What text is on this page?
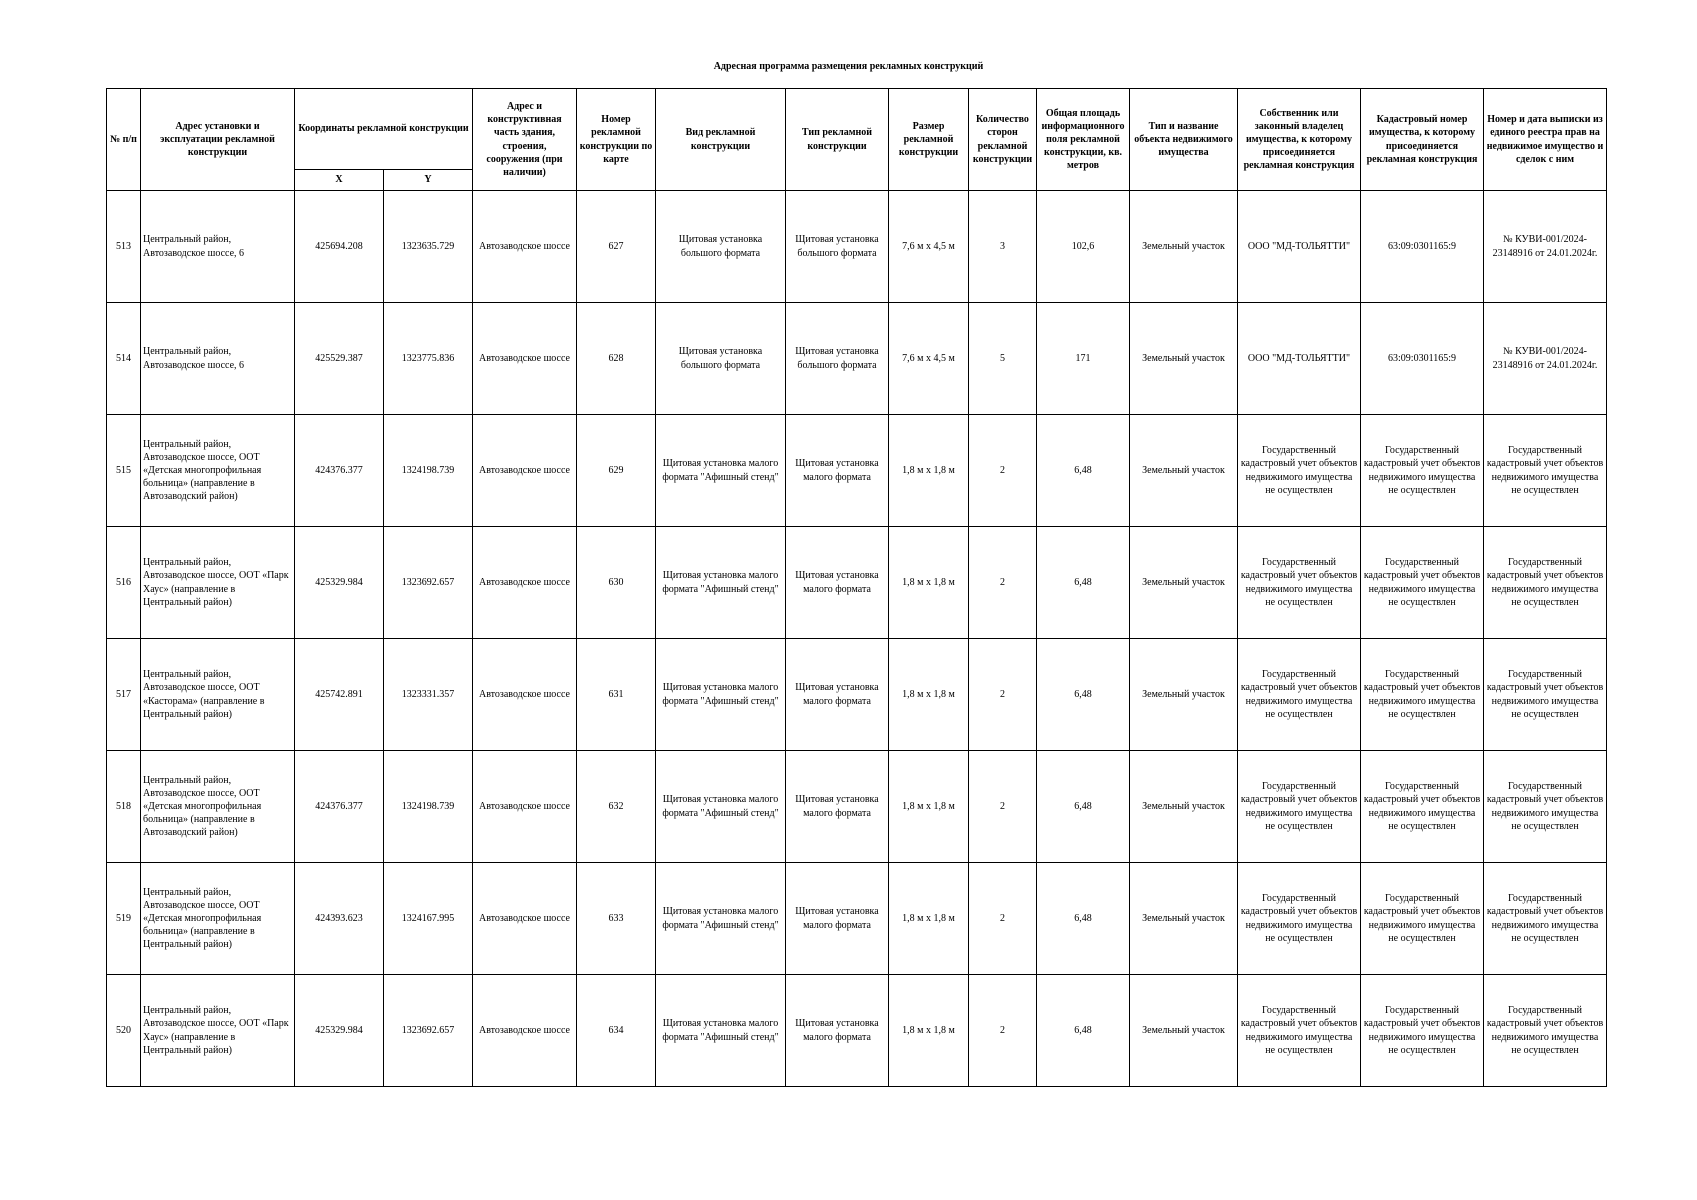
Адресная программа размещения рекламных конструкций
№ п/п	Адрес установки и эксплуатации рекламной конструкции	Координаты рекламной конструкции		Адрес и конструктивная часть здания, строения, сооружения (при наличии)	Номер рекламной конструкции по карте	Вид рекламной конструкции	Тип рекламной конструкции	Размер рекламной конструкции	Количество сторон рекламной конструкции	Общая площадь информационного поля рекламной конструкции, кв. метров	Тип и название объекта недвижимого имущества	Собственник или законный владелец имущества, к которому присоединяется рекламная конструкция	Кадастровый номер имущества, к которому присоединяется рекламная конструкция	Номер и дата выписки из единого реестра прав на недвижимое имущество и сделок с ним
		X	Y											
513	Центральный район, Автозаводское шоссе, 6	425694.208	1323635.729	Автозаводское шоссе	627	Щитовая установка большого формата	Щитовая установка большого формата	7,6 м х 4,5 м	3	102,6	Земельный участок	ООО "МД-ТОЛЬЯТТИ"	63:09:0301165:9	№ КУВИ-001/2024-23148916 от 24.01.2024г.
514	Центральный район, Автозаводское шоссе, 6	425529.387	1323775.836	Автозаводское шоссе	628	Щитовая установка большого формата	Щитовая установка большого формата	7,6 м х 4,5 м	5	171	Земельный участок	ООО "МД-ТОЛЬЯТТИ"	63:09:0301165:9	№ КУВИ-001/2024-23148916 от 24.01.2024г.
515	Центральный район, Автозаводское шоссе, ООТ «Детская многопрофильная больница» (направление в Автозаводский район)	424376.377	1324198.739	Автозаводское шоссе	629	Щитовая установка малого формата "Афишный стенд"	Щитовая установка малого формата	1,8 м х 1,8 м	2	6,48	Земельный участок	Государственный кадастровый учет объектов недвижимого имущества не осуществлен	Государственный кадастровый учет объектов недвижимого имущества не осуществлен	Государственный кадастровый учет объектов недвижимого имущества не осуществлен
516	Центральный район, Автозаводское шоссе, ООТ «Парк Хаус» (направление в Центральный район)	425329.984	1323692.657	Автозаводское шоссе	630	Щитовая установка малого формата "Афишный стенд"	Щитовая установка малого формата	1,8 м х 1,8 м	2	6,48	Земельный участок	Государственный кадастровый учет объектов недвижимого имущества не осуществлен	Государственный кадастровый учет объектов недвижимого имущества не осуществлен	Государственный кадастровый учет объектов недвижимого имущества не осуществлен
517	Центральный район, Автозаводское шоссе, ООТ «Касторама» (направление в Центральный район)	425742.891	1323331.357	Автозаводское шоссе	631	Щитовая установка малого формата "Афишный стенд"	Щитовая установка малого формата	1,8 м х 1,8 м	2	6,48	Земельный участок	Государственный кадастровый учет объектов недвижимого имущества не осуществлен	Государственный кадастровый учет объектов недвижимого имущества не осуществлен	Государственный кадастровый учет объектов недвижимого имущества не осуществлен
518	Центральный район, Автозаводское шоссе, ООТ «Детская многопрофильная больница» (направление в Автозаводский район)	424376.377	1324198.739	Автозаводское шоссе	632	Щитовая установка малого формата "Афишный стенд"	Щитовая установка малого формата	1,8 м х 1,8 м	2	6,48	Земельный участок	Государственный кадастровый учет объектов недвижимого имущества не осуществлен	Государственный кадастровый учет объектов недвижимого имущества не осуществлен	Государственный кадастровый учет объектов недвижимого имущества не осуществлен
519	Центральный район, Автозаводское шоссе, ООТ «Детская многопрофильная больница» (направление в Центральный район)	424393.623	1324167.995	Автозаводское шоссе	633	Щитовая установка малого формата "Афишный стенд"	Щитовая установка малого формата	1,8 м х 1,8 м	2	6,48	Земельный участок	Государственный кадастровый учет объектов недвижимого имущества не осуществлен	Государственный кадастровый учет объектов недвижимого имущества не осуществлен	Государственный кадастровый учет объектов недвижимого имущества не осуществлен
520	Центральный район, Автозаводское шоссе, ООТ «Парк Хаус» (направление в Центральный район)	425329.984	1323692.657	Автозаводское шоссе	634	Щитовая установка малого формата "Афишный стенд"	Щитовая установка малого формата	1,8 м х 1,8 м	2	6,48	Земельный участок	Государственный кадастровый учет объектов недвижимого имущества не осуществлен	Государственный кадастровый учет объектов недвижимого имущества не осуществлен	Государственный кадастровый учет объектов недвижимого имущества не осуществлен
